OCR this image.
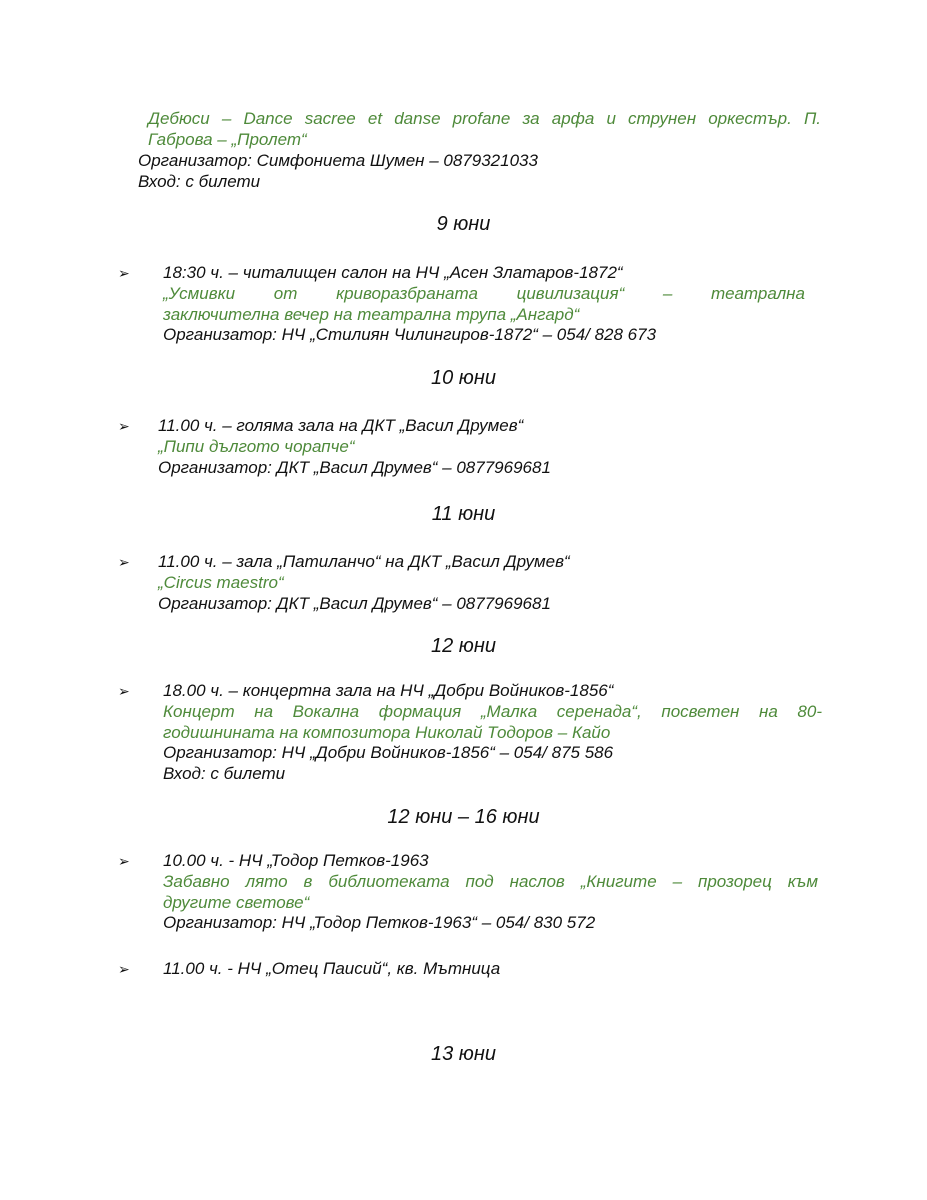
Дебюси – Dance sacree et danse profane за арфа и струнен оркестър. П.
Габрова – „Пролет“
Организатор: Симфониета Шумен – 0879321033
Вход: с билети
9 юни
➢ 18:30 ч. – читалищен салон на НЧ „Асен Златаров-1872“
„Усмивки от криворазбраната цивилизация“ – театрална
заключителна вечер на театрална трупа „Ангард“
Организатор: НЧ „Стилиян Чилингиров-1872“ – 054/ 828 673
10 юни
➢ 11.00 ч. – голяма зала на ДКТ „Васил Друмев“
„Пипи дългото чорапче“
Организатор: ДКТ „Васил Друмев“ – 0877969681
11 юни
➢ 11.00 ч. – зала „Патиланчо“ на ДКТ „Васил Друмев“
„Circus maestro“
Организатор: ДКТ „Васил Друмев“ – 0877969681
12 юни
➢ 18.00 ч. – концертна зала на НЧ „Добри Войников-1856“
Концерт на Вокална формация „Малка серенада“, посветен на 80-
годишнината на композитора Николай Тодоров – Кайо
Организатор: НЧ „Добри Войников-1856“ – 054/ 875 586
Вход: с билети
12 юни – 16 юни
➢ 10.00 ч. - НЧ „Тодор Петков-1963
Забавно лято в библиотеката под наслов „Книгите – прозорец към
другите светове“
Организатор: НЧ „Тодор Петков-1963“ – 054/ 830 572
➢ 11.00 ч. - НЧ „Отец Паисий“, кв. Мътница
13 юни
